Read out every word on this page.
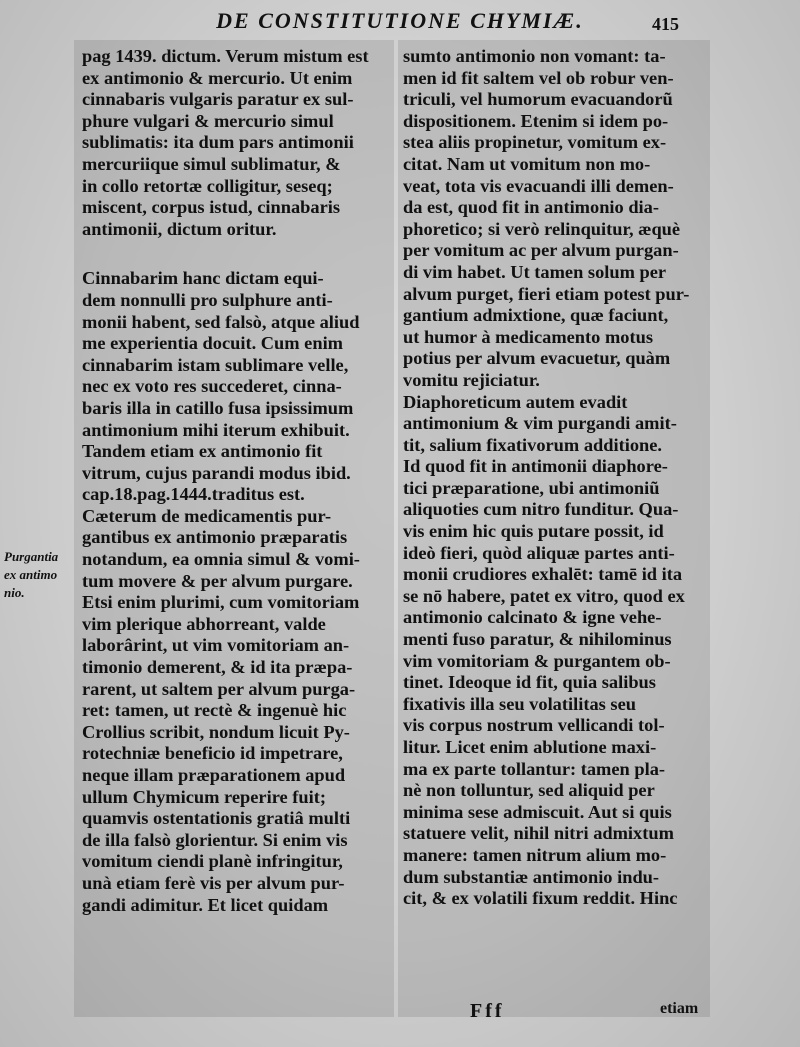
DE CONSTITUTIONE CHYMIÆ.	415
Purgantia
ex antimo
nio.
pag 1439. dictum. Verum mistum est
ex antimonio & mercurio. Ut enim
cinnabaris vulgaris paratur ex sul-
phure vulgari & mercurio simul
sublimatis: ita dum pars antimonii
mercuriique simul sublimatur, &
in collo retortæ colligitur, seseq;
miscent, corpus istud, cinnabaris
antimonii, dictum oritur.
Cinnabarim hanc dictam equi-
dem nonnulli pro sulphure anti-
monii habent, sed falsò, atque aliud
me experientia docuit. Cum enim
cinnabarim istam sublimare velle,
nec ex voto res succederet, cinna-
baris illa in catillo fusa ipsissimum
antimonium mihi iterum exhibuit.
Tandem etiam ex antimonio fit
vitrum, cujus parandi modus ibid.
cap.18.pag.1444.traditus est.
Cæterum de medicamentis pur-
gantibus ex antimonio præparatis
notandum, ea omnia simul & vomi-
tum movere & per alvum purgare.
Etsi enim plurimi, cum vomitoriam
vim plerique abhorreant, valde
laborârint, ut vim vomitoriam an-
timonio demerent, & id ita præpa-
rarent, ut saltem per alvum purga-
ret: tamen, ut rectè & ingenuè hic
Crollius scribit, nondum licuit Py-
rotechniæ beneficio id impetrare,
neque illam præparationem apud
ullum Chymicum reperire fuit;
quamvis ostentationis gratiâ multi
de illa falsò glorientur. Si enim vis
vomitum ciendi planè infringitur,
unà etiam ferè vis per alvum pur-
gandi adimitur. Et licet quidam
sumto antimonio non vomant: ta-
men id fit saltem vel ob robur ven-
triculi, vel humorum evacuandorũ
dispositionem. Etenim si idem po-
stea aliis propinetur, vomitum ex-
citat. Nam ut vomitum non mo-
veat, tota vis evacuandi illi demen-
da est, quod fit in antimonio dia-
phoretico; si verò relinquitur, æquè
per vomitum ac per alvum purgan-
di vim habet. Ut tamen solum per
alvum purget, fieri etiam potest pur-
gantium admixtione, quæ faciunt,
ut humor à medicamento motus
potius per alvum evacuetur, quàm
vomitu rejiciatur.
Diaphoreticum autem evadit
antimonium & vim purgandi amit-
tit, salium fixativorum additione.
Id quod fit in antimonii diaphore-
tici præparatione, ubi antimoniũ
aliquoties cum nitro funditur. Qua-
vis enim hic quis putare possit, id
ideò fieri, quòd aliquæ partes anti-
monii crudiores exhalēt: tamē id ita
se nō habere, patet ex vitro, quod ex
antimonio calcinato & igne vehe-
menti fuso paratur, & nihilominus
vim vomitoriam & purgantem ob-
tinet. Ideoque id fit, quia salibus
fixativis illa seu volatilitas seu
vis corpus nostrum vellicandi tol-
litur. Licet enim ablutione maxi-
ma ex parte tollantur: tamen pla-
nè non tolluntur, sed aliquid per
minima sese admiscuit. Aut si quis
statuere velit, nihil nitri admixtum
manere: tamen nitrum alium mo-
dum substantiæ antimonio indu-
cit, & ex volatili fixum reddit. Hinc
Fff	etiam
